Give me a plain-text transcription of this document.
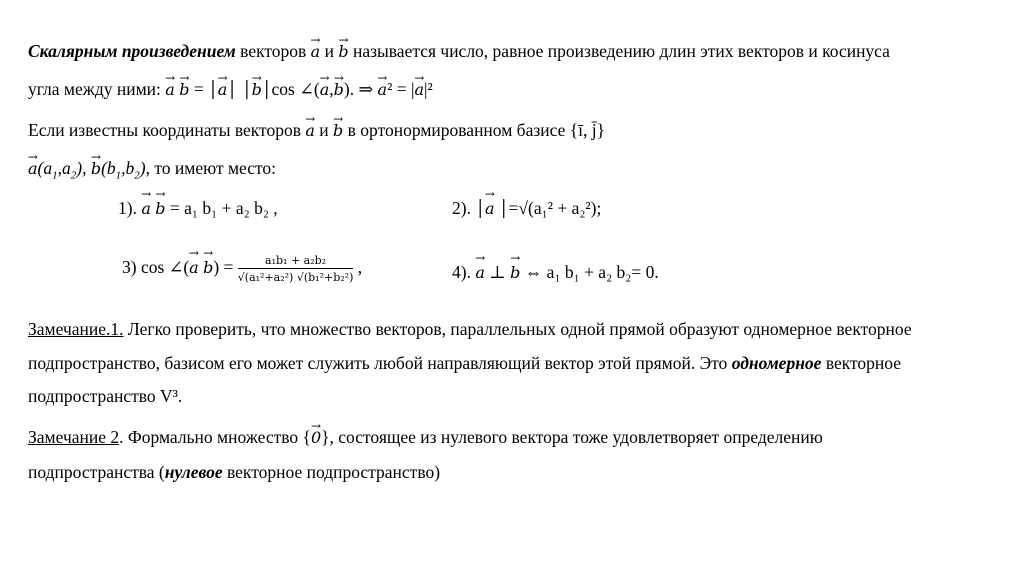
Скалярным произведением векторов → a и → b называется число, равное произведению длин этих векторов и косинуса
угла между ними: → a → b = │→ a│ │→ b│cos ∠(→ a,→ b). ⇒ → a² = |→ a|²
Если известны координаты векторов → a и → b в ортонормированном базисе {ī, j̄}
→ $a(a_1,a_2)$, → $b(b_1,b_2)$, то имеют место:
1). → a → b = a₁ b₁ + a₂ b₂ ,	2). │→ a │=√(a₁² + a₂²);
3) cos ∠(→ $a \to b) = \frac{\text{a₁b₁ + a₂b₂}}{\text{√(a₁²+a₂²) √(b₁²+b₂²)}}$ ,	4). → a ⊥ → b ⇔ a₁ b₁ + a₂ b₂= 0.
Замечание.1. Легко проверить, что множество векторов, параллельных одной прямой образуют одномерное векторное
подпространство, базисом его может служить любой направляющий вектор этой прямой. Это одномерное векторное
подпространство V³.
Замечание 2. Формально множество {→ 0}, состоящее из нулевого вектора тоже удовлетворяет определению
подпространства (нулевое векторное подпространство)
